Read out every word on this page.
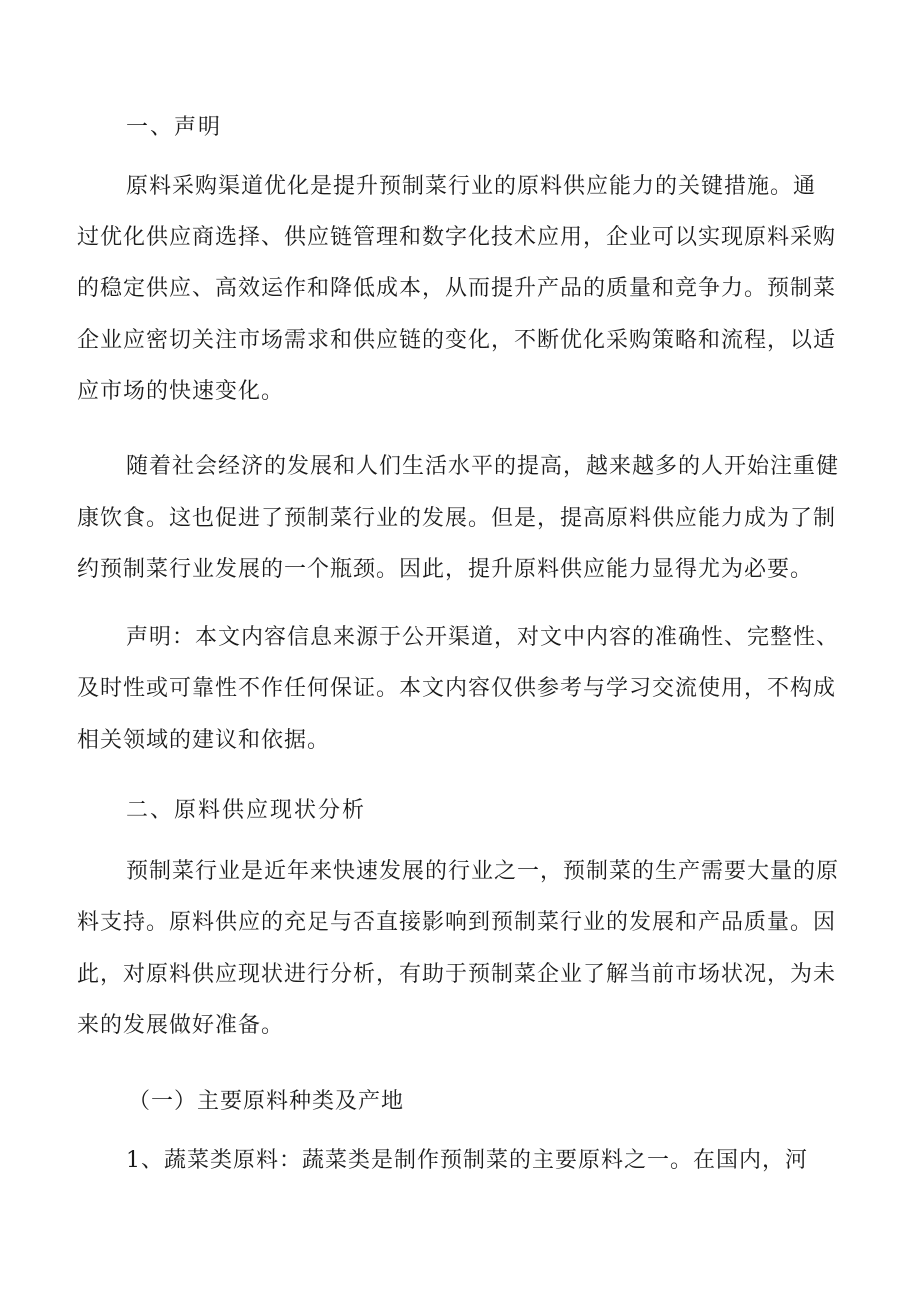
一、声明
原料采购渠道优化是提升预制菜行业的原料供应能力的关键措施。通
过优化供应商选择、供应链管理和数字化技术应用，企业可以实现原料采购
的稳定供应、高效运作和降低成本，从而提升产品的质量和竞争力。预制菜
企业应密切关注市场需求和供应链的变化，不断优化采购策略和流程，以适
应市场的快速变化。
随着社会经济的发展和人们生活水平的提高，越来越多的人开始注重健
康饮食。这也促进了预制菜行业的发展。但是，提高原料供应能力成为了制
约预制菜行业发展的一个瓶颈。因此，提升原料供应能力显得尤为必要。
声明：本文内容信息来源于公开渠道，对文中内容的准确性、完整性、
及时性或可靠性不作任何保证。本文内容仅供参考与学习交流使用，不构成
相关领域的建议和依据。
二、原料供应现状分析
预制菜行业是近年来快速发展的行业之一，预制菜的生产需要大量的原
料支持。原料供应的充足与否直接影响到预制菜行业的发展和产品质量。因
此，对原料供应现状进行分析，有助于预制菜企业了解当前市场状况，为未
来的发展做好准备。
（一）主要原料种类及产地
1、蔬菜类原料：蔬菜类是制作预制菜的主要原料之一。在国内，河
